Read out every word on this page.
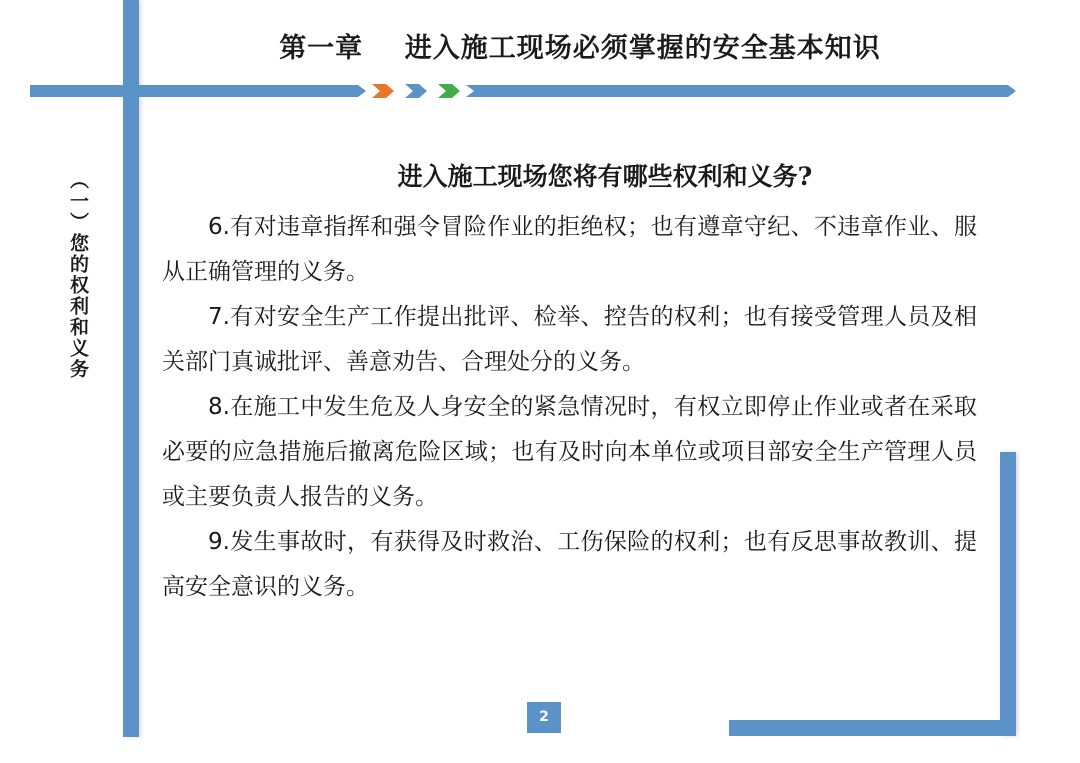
第一章    进入施工现场必须掌握的安全基本知识
（一）您的权利和义务	进入施工现场您将有哪些权利和义务?

6.有对违章指挥和强令冒险作业的拒绝权；也有遵章守纪、不违章作业、服从正确管理的义务。

7.有对安全生产工作提出批评、检举、控告的权利；也有接受管理人员及相关部门真诚批评、善意劝告、合理处分的义务。

8.在施工中发生危及人身安全的紧急情况时，有权立即停止作业或者在采取必要的应急措施后撤离危险区域；也有及时向本单位或项目部安全生产管理人员或主要负责人报告的义务。

9.发生事故时，有获得及时救治、工伤保险的权利；也有反思事故教训、提高安全意识的义务。

2
